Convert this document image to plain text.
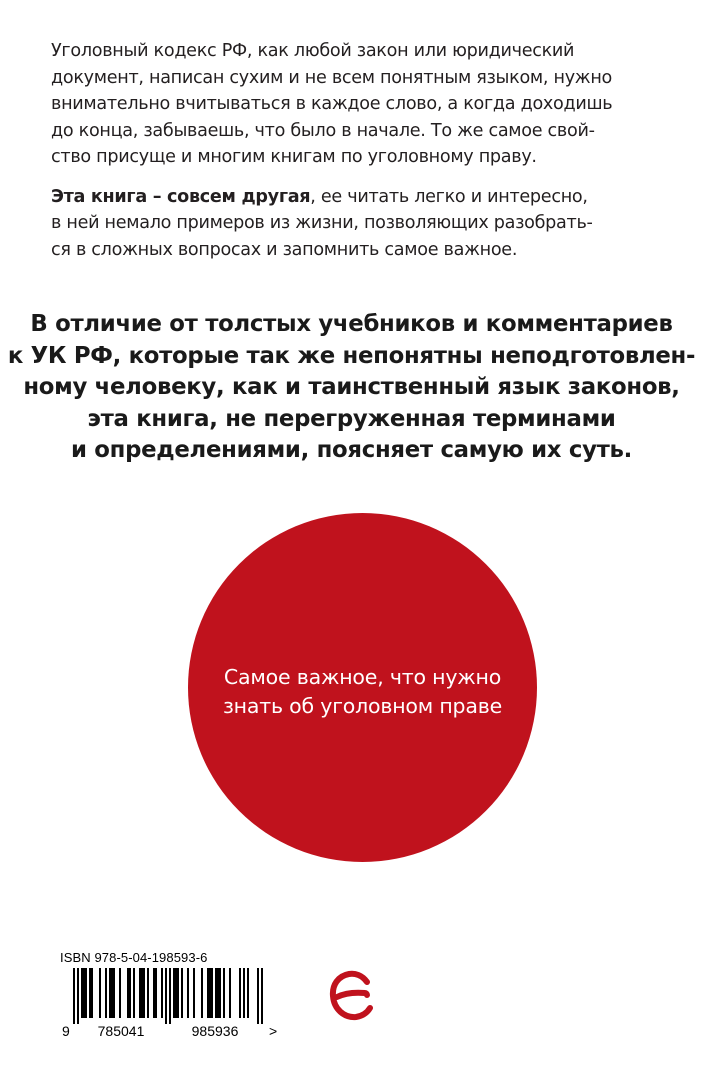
Уголовный кодекс РФ, как любой закон или юридический
документ, написан сухим и не всем понятным языком, нужно
внимательно вчитываться в каждое слово, а когда доходишь
до конца, забываешь, что было в начале. То же самое свой-
ство присуще и многим книгам по уголовному праву.

Эта книга – совсем другая, ее читать легко и интересно,
в ней немало примеров из жизни, позволяющих разобрать-
ся в сложных вопросах и запомнить самое важное.

В отличие от толстых учебников и комментариев
к УК РФ, которые так же непонятны неподготовлен-
ному человеку, как и таинственный язык законов,
эта книга, не перегруженная терминами
и определениями, поясняет самую их суть.
Самое важное, что нужно
знать об уголовном праве
ISBN 978-5-04-198593-6
9 785041	985936 >
